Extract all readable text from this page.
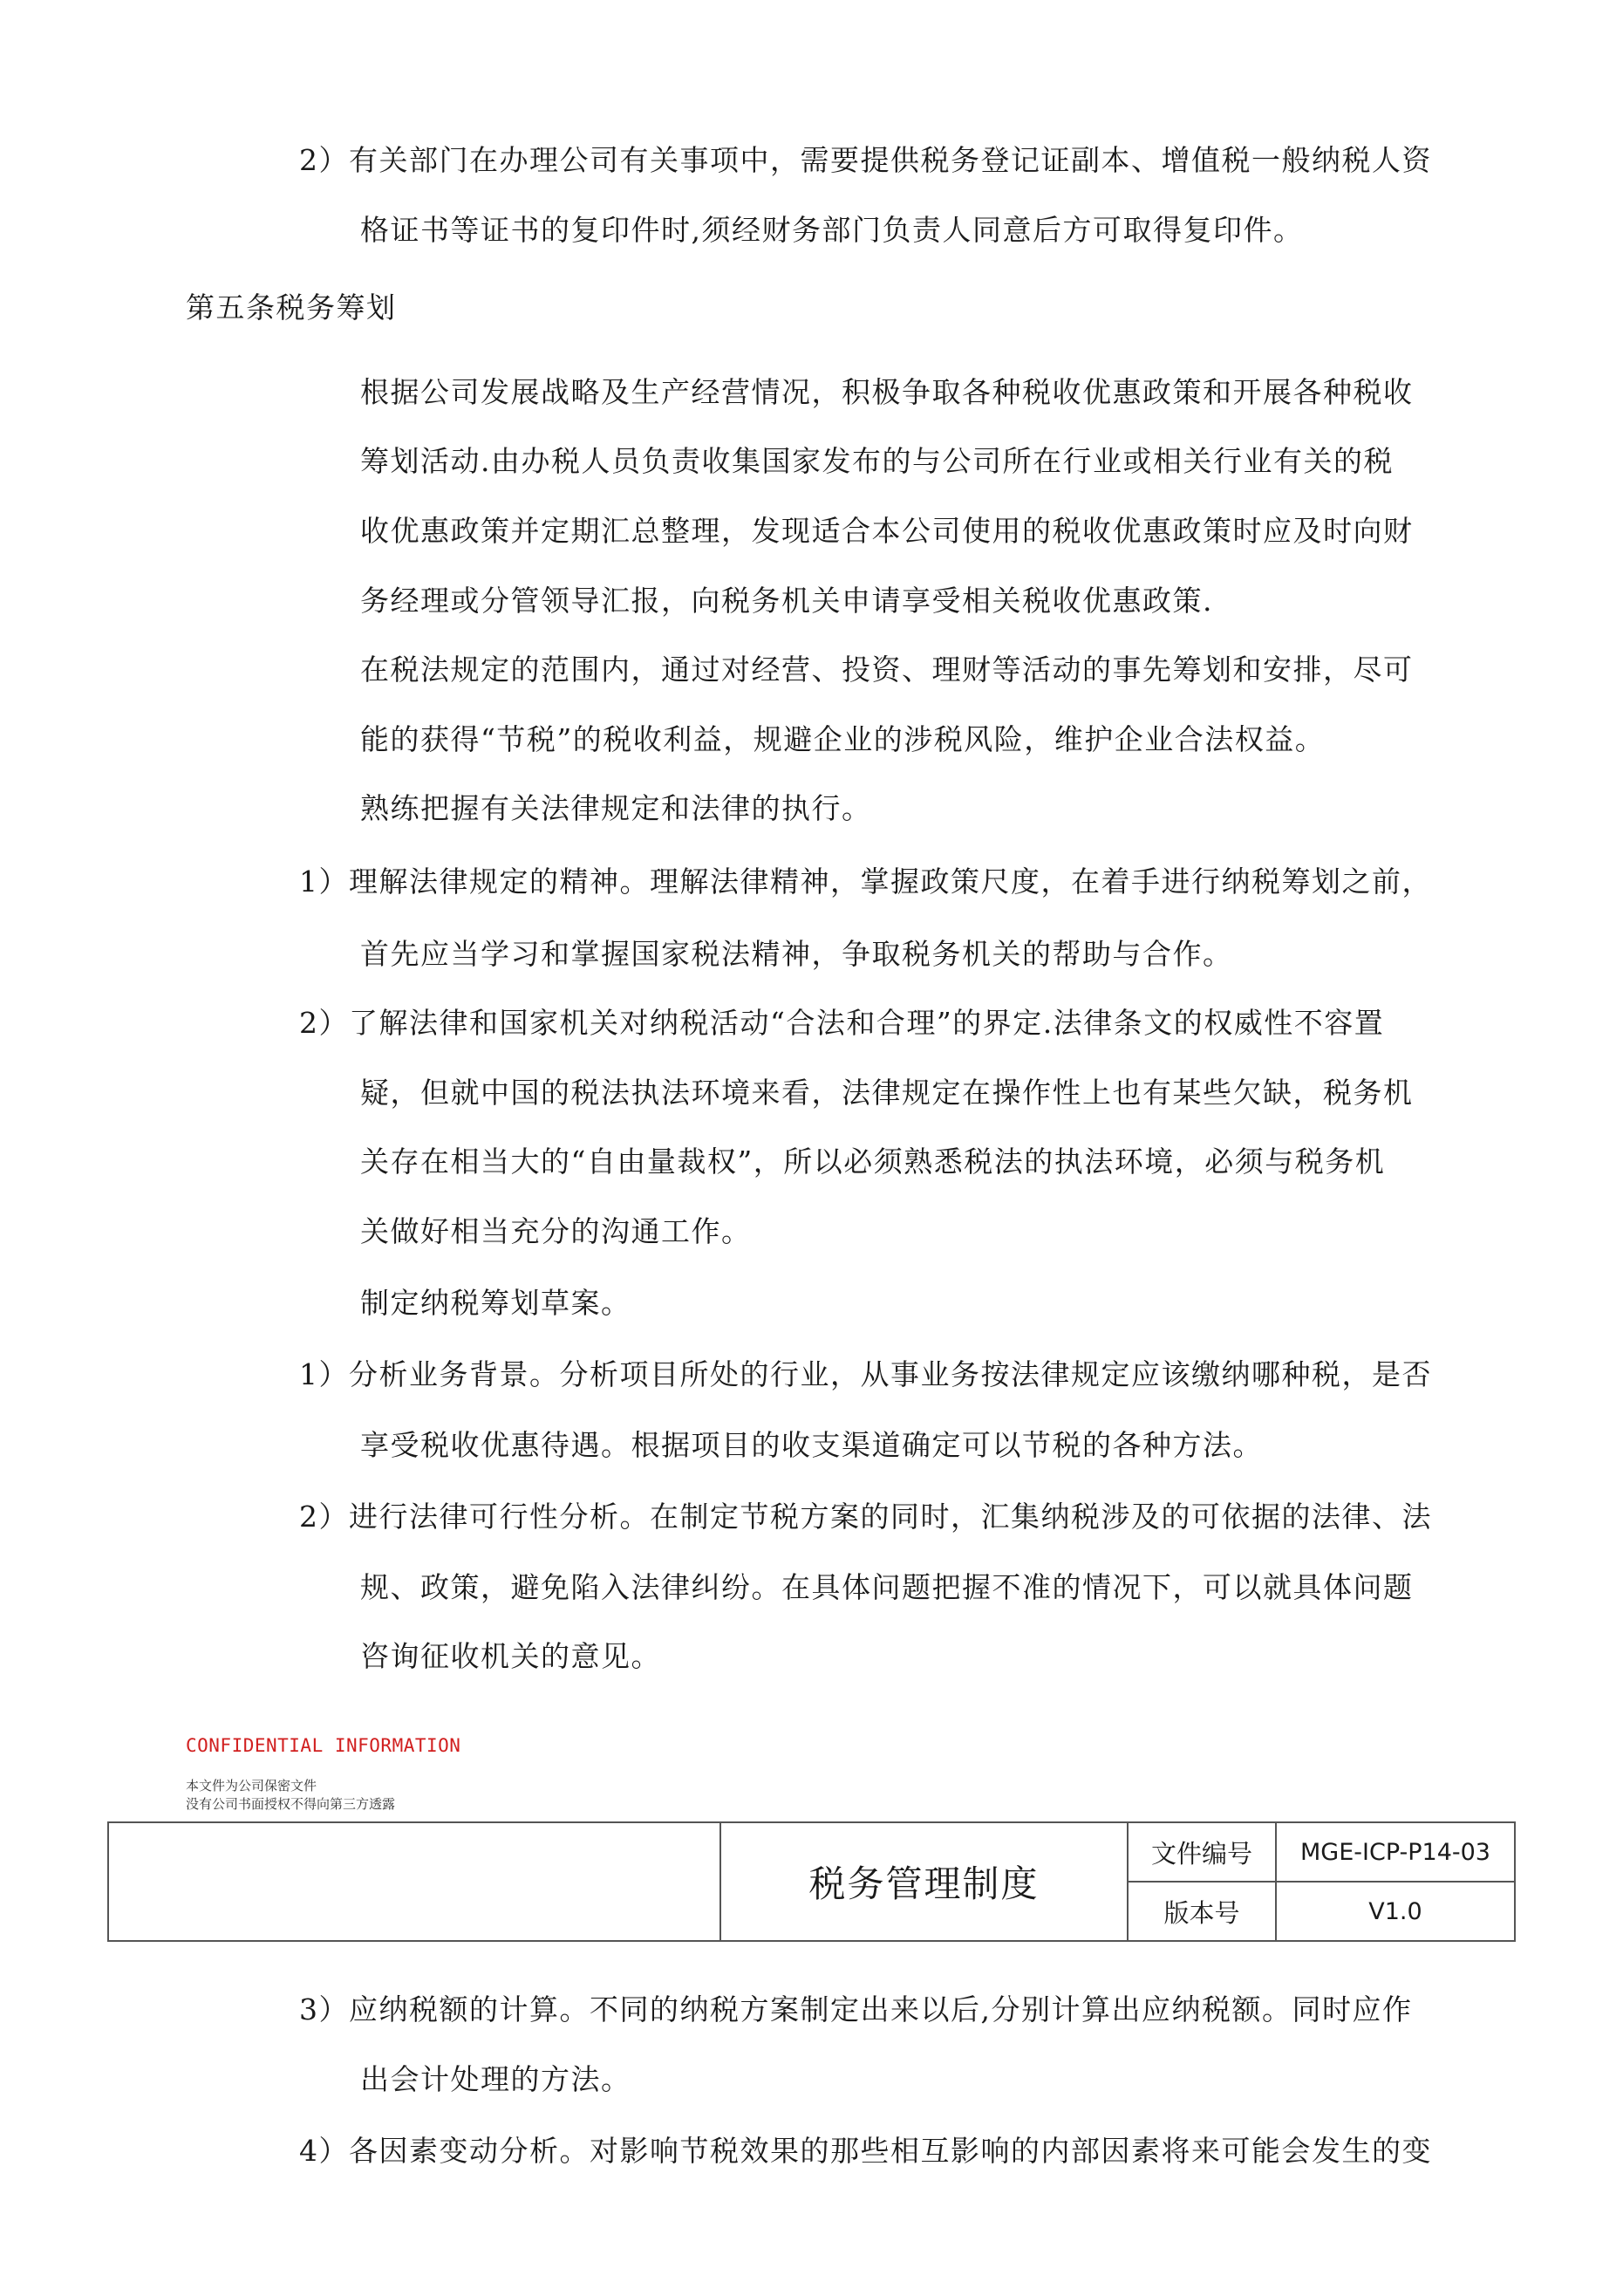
2）有关部门在办理公司有关事项中，需要提供税务登记证副本、增值税一般纳税人资
格证书等证书的复印件时,须经财务部门负责人同意后方可取得复印件。
第五条税务筹划
根据公司发展战略及生产经营情况，积极争取各种税收优惠政策和开展各种税收
筹划活动.由办税人员负责收集国家发布的与公司所在行业或相关行业有关的税
收优惠政策并定期汇总整理，发现适合本公司使用的税收优惠政策时应及时向财
务经理或分管领导汇报，向税务机关申请享受相关税收优惠政策.
在税法规定的范围内，通过对经营、投资、理财等活动的事先筹划和安排，尽可
能的获得“节税”的税收利益，规避企业的涉税风险，维护企业合法权益。
熟练把握有关法律规定和法律的执行。
1）理解法律规定的精神。理解法律精神，掌握政策尺度，在着手进行纳税筹划之前，
首先应当学习和掌握国家税法精神，争取税务机关的帮助与合作。
2）了解法律和国家机关对纳税活动“合法和合理”的界定.法律条文的权威性不容置
疑，但就中国的税法执法环境来看，法律规定在操作性上也有某些欠缺，税务机
关存在相当大的“自由量裁权”，所以必须熟悉税法的执法环境，必须与税务机
关做好相当充分的沟通工作。
制定纳税筹划草案。
1）分析业务背景。分析项目所处的行业，从事业务按法律规定应该缴纳哪种税，是否
享受税收优惠待遇。根据项目的收支渠道确定可以节税的各种方法。
2）进行法律可行性分析。在制定节税方案的同时，汇集纳税涉及的可依据的法律、法
规、政策，避免陷入法律纠纷。在具体问题把握不准的情况下，可以就具体问题
咨询征收机关的意见。
CONFIDENTIAL INFORMATION
本文件为公司保密文件
没有公司书面授权不得向第三方透露
	税务管理制度	文件编号	MGE-ICP-P14-03
		版本号	V1.0
3）应纳税额的计算。不同的纳税方案制定出来以后,分别计算出应纳税额。同时应作
出会计处理的方法。
4）各因素变动分析。对影响节税效果的那些相互影响的内部因素将来可能会发生的变
